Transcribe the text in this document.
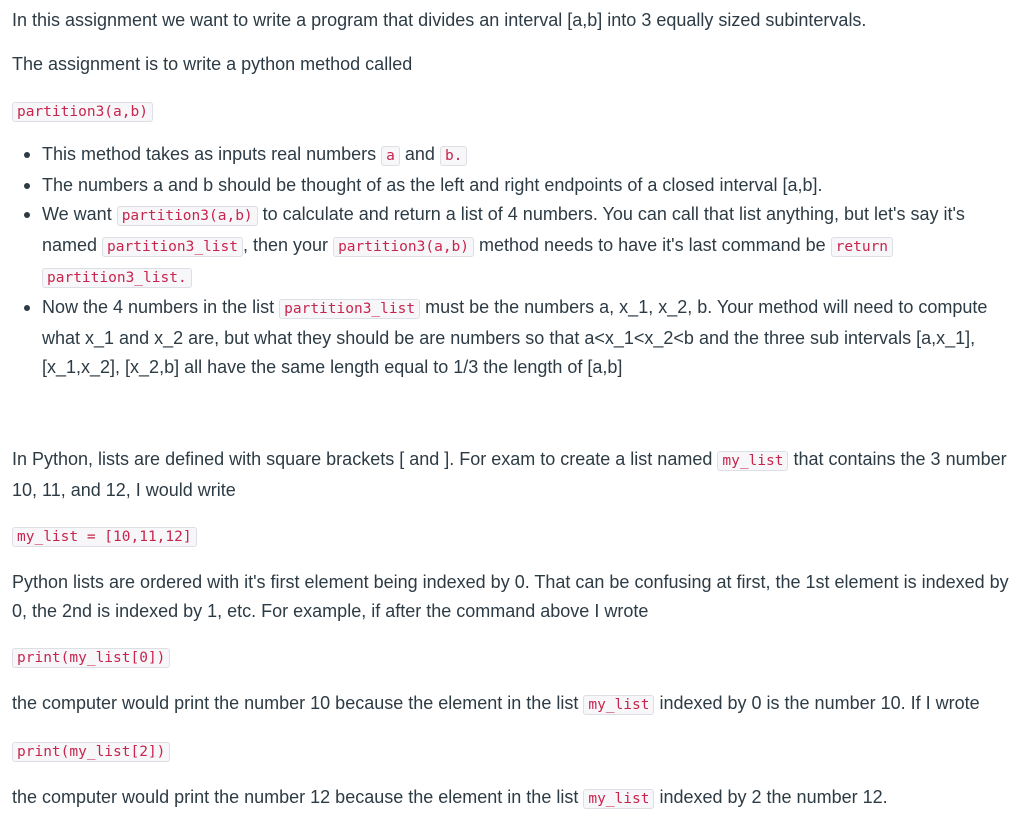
In this assignment we want to write a program that divides an interval [a,b] into 3 equally sized subintervals.

The assignment is to write a python method called

partition3(a,b)
• This method takes as inputs real numbers a and b.
• The numbers a and b should be thought of as the left and right endpoints of a closed interval [a,b].
• We want partition3(a,b) to calculate and return a list of 4 numbers. You can call that list anything, but let's say it's named partition3_list , then your partition3(a,b) method needs to have it's last command be return
partition3_list.
• Now the 4 numbers in the list partition3_list must be the numbers a, x_1, x_2, b. Your method will need to compute what x_1 and x_2 are, but what they should be are numbers so that a<x_1<x_2<b and the three sub intervals [a,x_1], [x_1,x_2], [x_2,b] all have the same length equal to 1/3 the length of [a,b]

In Python, lists are defined with square brackets [ and ]. For exam to create a list named my_list that contains the 3 number 10, 11, and 12, I would write

my_list = [10,11,12]

Python lists are ordered with it's first element being indexed by 0. That can be confusing at first, the 1st element is indexed by 0, the 2nd is indexed by 1, etc. For example, if after the command above I wrote

print(my_list[0])

the computer would print the number 10 because the element in the list my_list indexed by 0 is the number 10. If I wrote

print(my_list[2])

the computer would print the number 12 because the element in the list my_list indexed by 2 the number 12.
